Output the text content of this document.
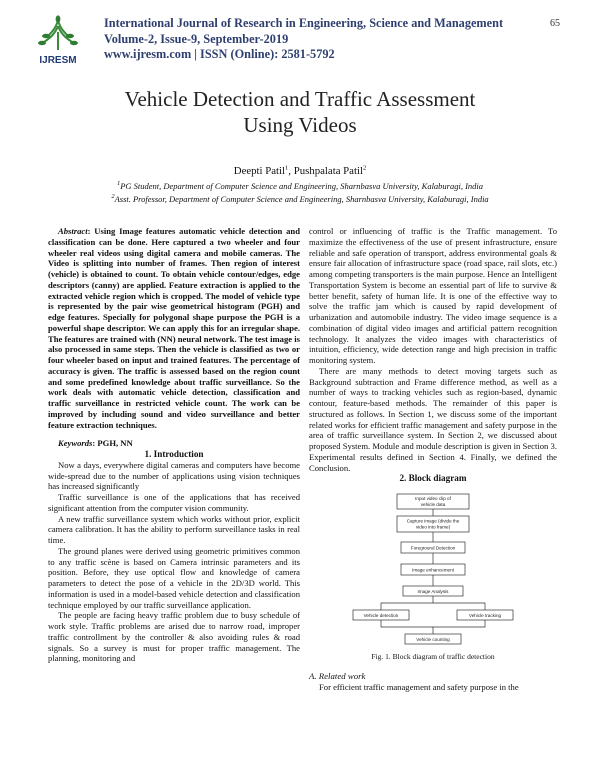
IJRESM
International Journal of Research in Engineering, Science and Management
Volume-2, Issue-9, September-2019
www.ijresm.com | ISSN (Online): 2581-5792
65
Vehicle Detection and Traffic Assessment
Using Videos
Deepti Patil$^1$, Pushpalata Patil$^2$
$^1$PG Student, Department of Computer Science and Engineering, Sharnbasva University, Kalaburagi, India
$^2$Asst. Professor, Department of Computer Science and Engineering, Sharnbasva University, Kalaburagi, India

Abstract: Using Image features automatic vehicle detection and classification can be done. Here captured a two wheeler and four wheeler real videos using digital camera and mobile cameras. The Video is splitting into number of frames. Then region of interest (vehicle) is obtained to count. To obtain vehicle contour/edges, edge descriptors (canny) are applied. Feature extraction is applied to the extracted vehicle region which is cropped. The model of vehicle type is represented by the pair wise geometrical histogram (PGH) and edge features. Specially for polygonal shape purpose the PGH is a powerful shape descriptor. We can apply this for an irregular shape. The features are trained with (NN) neural network. The test image is also processed in same steps. Then the vehicle is classified as two or four wheeler based on input and trained features. The percentage of accuracy is given. The traffic is assessed based on the region count and some predefined knowledge about traffic surveillance. So the work deals with automatic vehicle detection, classification and traffic surveillance in restricted vehicle count. The work can be improved by including sound and video surveillance and better feature extraction techniques.

Keywords: PGH, NN

1. Introduction

Now a days, everywhere digital cameras and computers have become wide-spread due to the number of applications using vision techniques has increased significantly

Traffic surveillance is one of the applications that has received significant attention from the computer vision community.

A new traffic surveillance system which works without prior, explicit camera calibration. It has the ability to perform surveillance tasks in real time.

The ground planes were derived using geometric primitives common to any traffic scène is based on Camera intrinsic parameters and its position. Before, they use optical flow and knowledge of camera parameters to detect the pose of a vehicle in the 2D/3D world. This information is used in a model-based vehicle detection and classification technique employed by our traffic surveillance application.

The people are facing heavy traffic problem due to busy schedule of work style. Traffic problems are arised due to narrow road, improper traffic controllment by the controller & also avoiding rules & road signals. So a survey is must for proper traffic management. The planning, monitoring and

control or influencing of traffic is the Traffic management. To maximize the effectiveness of the use of present infrastructure, ensure reliable and safe operation of transport, address environmental goals & ensure fair allocation of infrastructure space (road space, rail slots, etc.) among competing transporters is the main purpose. Hence an Intelligent Transportation System is become an essential part of life to survive & better benefit, safety of human life. It is one of the effective way to solve the traffic jam which is caused by rapid development of urbanization and automobile industry. The video image sequence is a combination of digital video images and artificial pattern recognition technology. It analyzes the video images with characteristics of intuition, efficiency, wide detection range and high precision in traffic monitoring system.

There are many methods to detect moving targets such as Background subtraction and Frame difference method, as well as a number of ways to tracking vehicles such as region-based, dynamic contour, feature-based methods. The remainder of this paper is structured as follows. In Section 1, we discuss some of the important related works for efficient traffic management and safety purpose in the area of traffic surveillance system. In Section 2, we discussed about proposed System. Module and module description is given in Section 3. Experimental results defined in Section 4. Finally, we defined the Conclusion.

2. Block diagram

Input video clip of
vehicle data
Capture image (divide the
video into frame)
Foreground Detection
Image enhancement
Image Analysis
Vehicle detection	Vehicle tracking
Vehicle counting

Fig. 1. Block diagram of traffic detection

A. Related work

For efficient traffic management and safety purpose in the
